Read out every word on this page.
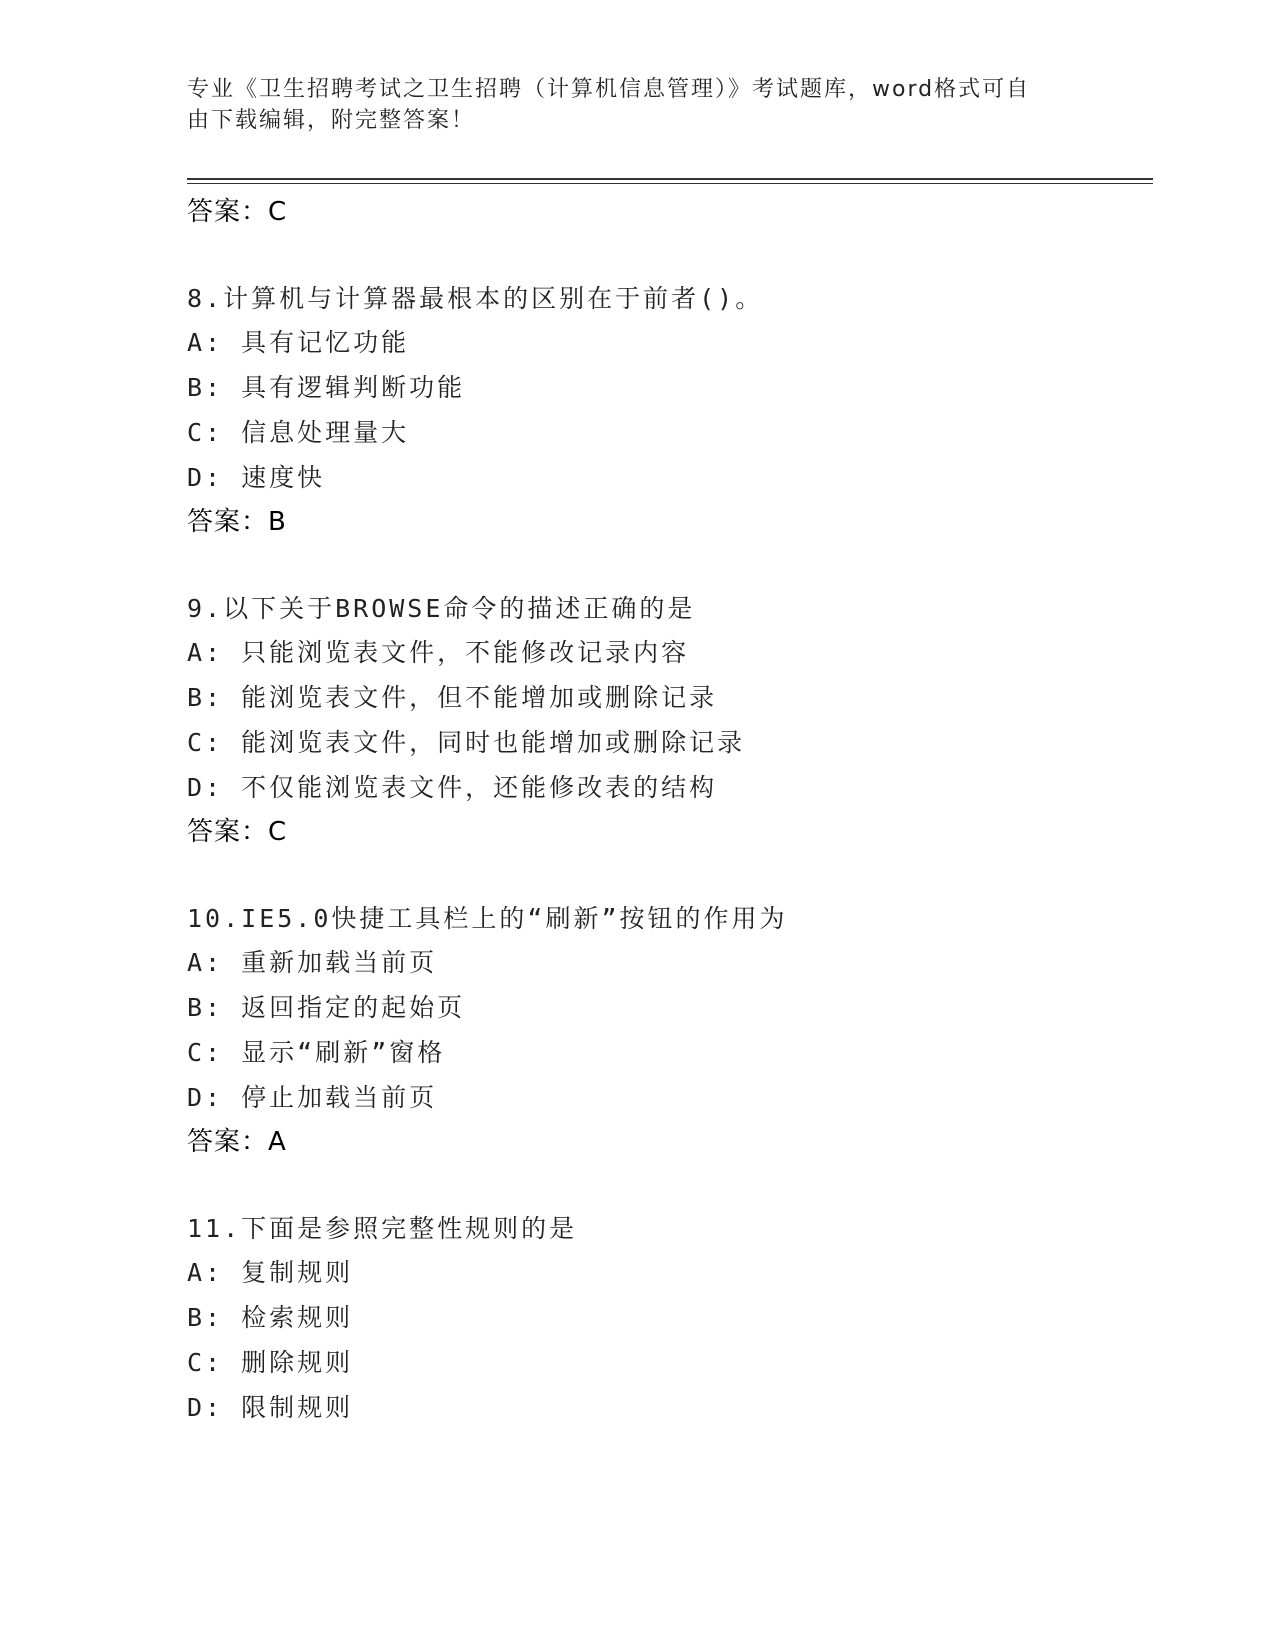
专业《卫生招聘考试之卫生招聘（计算机信息管理）》考试题库，word格式可自
由下载编辑，附完整答案！
答案：C
8.计算机与计算器最根本的区别在于前者()。
A: 具有记忆功能
B: 具有逻辑判断功能
C: 信息处理量大
D: 速度快
答案：B
9.以下关于BROWSE命令的描述正确的是
A: 只能浏览表文件，不能修改记录内容
B: 能浏览表文件，但不能增加或删除记录
C: 能浏览表文件，同时也能增加或删除记录
D: 不仅能浏览表文件，还能修改表的结构
答案：C
10.IE5.0快捷工具栏上的“刷新”按钮的作用为
A: 重新加载当前页
B: 返回指定的起始页
C: 显示“刷新”窗格
D: 停止加载当前页
答案：A
11.下面是参照完整性规则的是
A: 复制规则
B: 检索规则
C: 删除规则
D: 限制规则
